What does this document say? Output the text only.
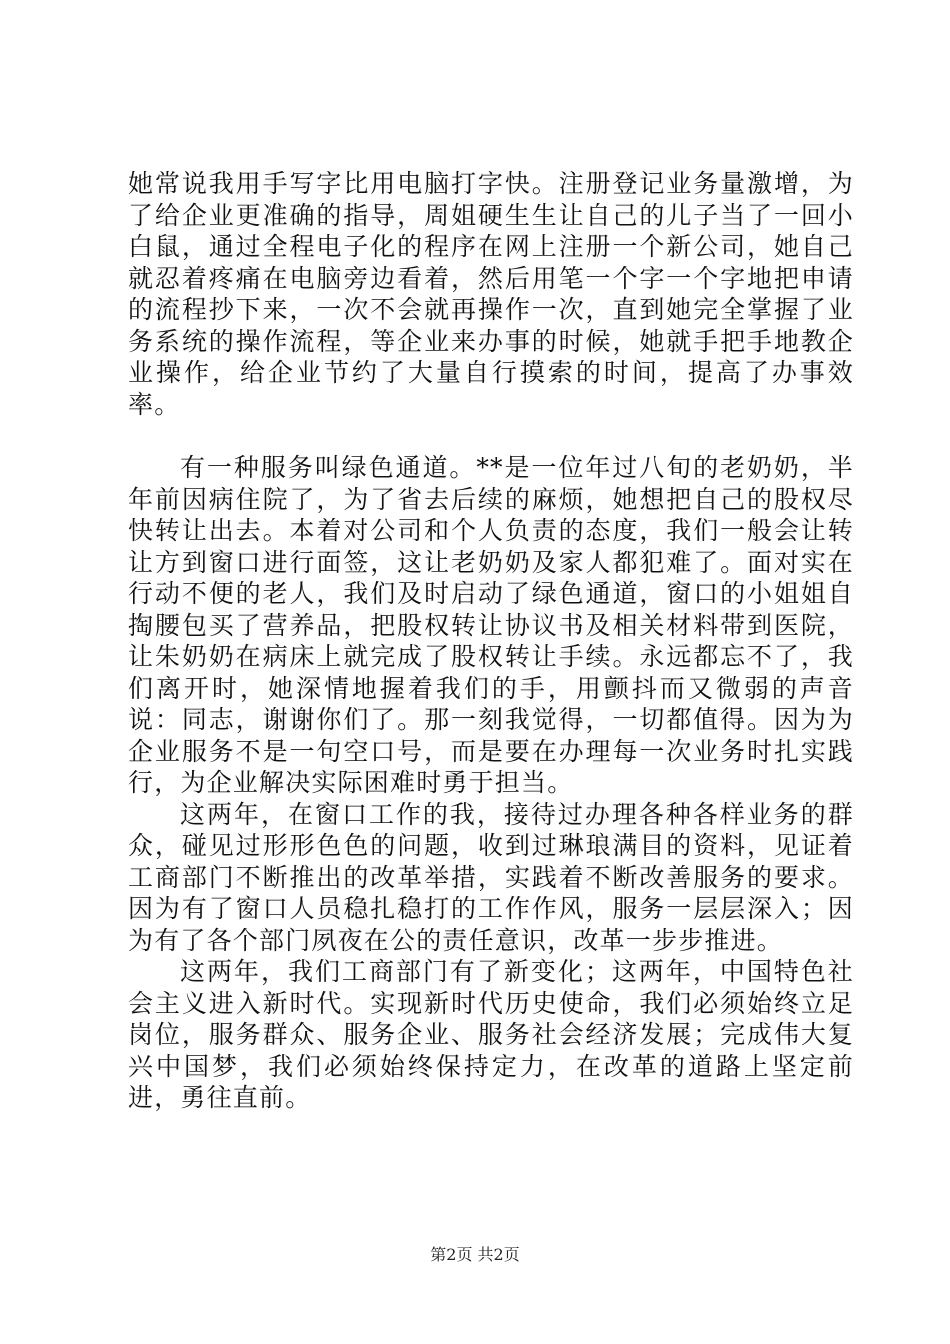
她常说我用手写字比用电脑打字快。注册登记业务量激增，为了给企业更准确的指导，周姐硬生生让自己的儿子当了一回小白鼠，通过全程电子化的程序在网上注册一个新公司，她自己就忍着疼痛在电脑旁边看着，然后用笔一个字一个字地把申请的流程抄下来，一次不会就再操作一次，直到她完全掌握了业务系统的操作流程，等企业来办事的时候，她就手把手地教企业操作，给企业节约了大量自行摸索的时间，提高了办事效率。

有一种服务叫绿色通道。**是一位年过八旬的老奶奶，半年前因病住院了，为了省去后续的麻烦，她想把自己的股权尽快转让出去。本着对公司和个人负责的态度，我们一般会让转让方到窗口进行面签，这让老奶奶及家人都犯难了。面对实在行动不便的老人，我们及时启动了绿色通道，窗口的小姐姐自掏腰包买了营养品，把股权转让协议书及相关材料带到医院，让朱奶奶在病床上就完成了股权转让手续。永远都忘不了，我们离开时，她深情地握着我们的手，用颤抖而又微弱的声音说：同志，谢谢你们了。那一刻我觉得，一切都值得。因为为企业服务不是一句空口号，而是要在办理每一次业务时扎实践行，为企业解决实际困难时勇于担当。

这两年，在窗口工作的我，接待过办理各种各样业务的群众，碰见过形形色色的问题，收到过琳琅满目的资料，见证着工商部门不断推出的改革举措，实践着不断改善服务的要求。因为有了窗口人员稳扎稳打的工作作风，服务一层层深入；因为有了各个部门夙夜在公的责任意识，改革一步步推进。

这两年，我们工商部门有了新变化；这两年，中国特色社会主义进入新时代。实现新时代历史使命，我们必须始终立足岗位，服务群众、服务企业、服务社会经济发展；完成伟大复兴中国梦，我们必须始终保持定力，在改革的道路上坚定前进，勇往直前。

第2页 共2页
